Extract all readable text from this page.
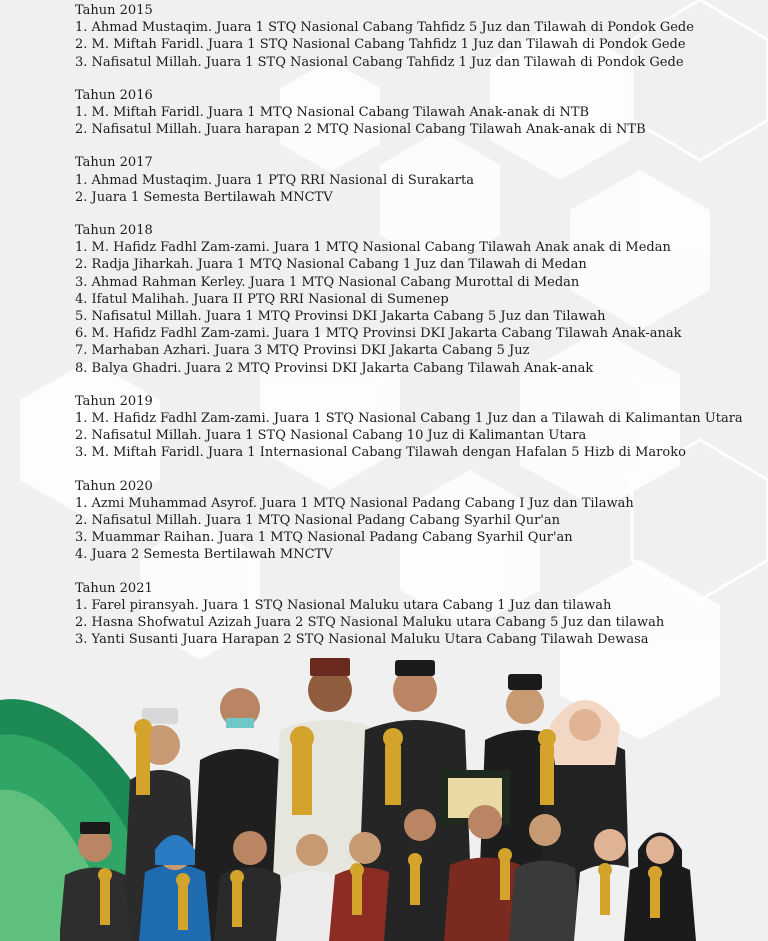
Tahun 2015
1. Ahmad Mustaqim. Juara 1 STQ Nasional Cabang Tahfidz 5 Juz dan Tilawah di Pondok Gede
2. M. Miftah Faridl. Juara 1 STQ Nasional Cabang Tahfidz 1 Juz dan Tilawah di Pondok Gede
3. Nafisatul Millah. Juara 1 STQ Nasional Cabang Tahfidz 1 Juz dan Tilawah di Pondok Gede
Tahun 2016
1. M. Miftah Faridl. Juara 1 MTQ Nasional Cabang Tilawah Anak-anak di NTB
2. Nafisatul Millah. Juara harapan 2 MTQ Nasional Cabang Tilawah Anak-anak di NTB
Tahun 2017
1. Ahmad Mustaqim. Juara 1 PTQ RRI Nasional di Surakarta
2. Juara 1 Semesta Bertilawah MNCTV
Tahun 2018
1. M. Hafidz Fadhl Zam-zami. Juara 1 MTQ Nasional Cabang Tilawah Anak anak di Medan
2. Radja Jiharkah. Juara 1 MTQ Nasional Cabang 1 Juz dan Tilawah di Medan
3. Ahmad Rahman Kerley. Juara 1 MTQ Nasional Cabang Murottal di Medan
4. Ifatul Malihah. Juara II PTQ RRI Nasional di Sumenep
5. Nafisatul Millah. Juara 1 MTQ Provinsi DKI Jakarta Cabang 5 Juz dan Tilawah
6. M. Hafidz Fadhl Zam-zami. Juara 1 MTQ Provinsi DKI Jakarta Cabang Tilawah Anak-anak
7. Marhaban Azhari. Juara 3 MTQ Provinsi DKI Jakarta Cabang 5 Juz
8. Balya Ghadri. Juara 2 MTQ Provinsi DKI Jakarta Cabang Tilawah Anak-anak
Tahun 2019
1. M. Hafidz Fadhl Zam-zami. Juara 1 STQ Nasional Cabang 1 Juz dan a Tilawah di Kalimantan Utara
2. Nafisatul Millah. Juara 1 STQ Nasional Cabang 10 Juz di Kalimantan Utara
3. M. Miftah Faridl. Juara 1 Internasional Cabang Tilawah dengan Hafalan 5 Hizb di Maroko
Tahun 2020
1. Azmi Muhammad Asyrof. Juara 1 MTQ Nasional Padang Cabang I Juz dan Tilawah
2. Nafisatul Millah. Juara 1 MTQ Nasional Padang Cabang Syarhil Qur'an
3. Muammar Raihan. Juara 1 MTQ Nasional Padang Cabang Syarhil Qur'an
4. Juara 2 Semesta Bertilawah MNCTV
Tahun 2021
1. Farel piransyah. Juara 1 STQ Nasional Maluku utara Cabang 1 Juz dan tilawah
2. Hasna Shofwatul Azizah Juara 2 STQ Nasional Maluku utara Cabang 5 Juz dan tilawah
3. Yanti Susanti Juara Harapan 2 STQ Nasional Maluku Utara Cabang Tilawah Dewasa
